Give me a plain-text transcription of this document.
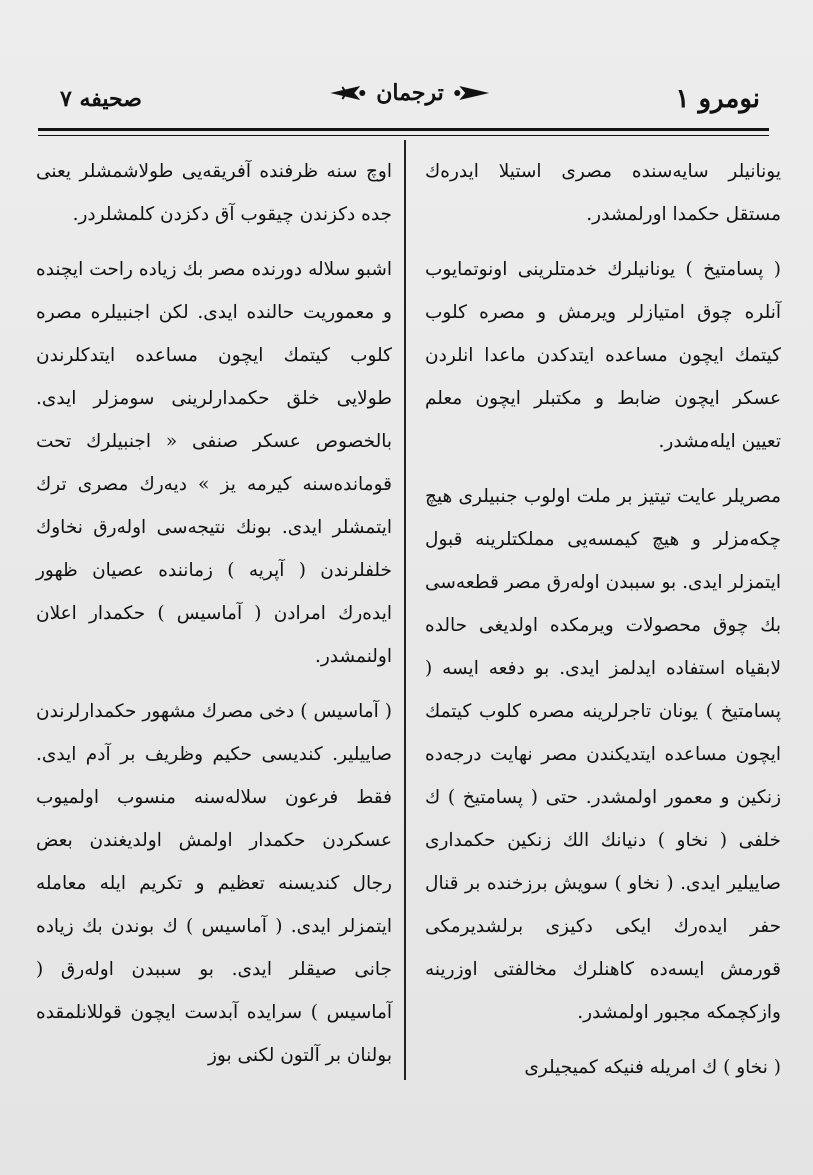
نومرو ۱
ترجمان
صحيفه ۷

يونانيلر سايه‌سنده مصرى استيلا ايدرەك مستقل حكمدا اورلمشدر.

( پسامتيخ ) يونانيلرك خدمتلرينى اونوتمايوب آنلره چوق امتيازلر ويرمش و مصره كلوب كيتمك ايچون مساعده ايتدكدن ماعدا انلردن عسكر ايچون ضابط و مكتبلر ايچون معلم تعيين ايلەمشدر.

مصريلر عايت تيتيز بر ملت اولوب جنبيلرى هيچ چكه‌مزلر و هيچ كيمسه‌يى مملكتلرينه قبول ايتمزلر ايدى. بو سببدن اوله‌رق مصر قطعه‌سى بك چوق محصولات ويرمكده اولديغى حالده لابقياه استفاده ايدلمز ايدى. بو دفعه ايسه ( پسامتيخ ) يونان تاجرلرينه مصره كلوب كيتمك ايچون مساعده ايتديكندن مصر نهايت درجه‌ده زنكين و معمور اولمشدر. حتى ( پسامتيخ ) ك خلفى ( نخاو ) دنيانك الك زنكين حكمدارى صاييلير ايدى. ( نخاو ) سويش برزخنده بر قنال حفر ايده‌رك ايكى دكيزى برلشديرمكى قورمش ايسه‌ده كاهنلرك مخالفتى اوزرينه وازكچمكه مجبور اولمشدر.

( نخاو ) ك امريله فنيكه كميجيلرى

اوچ سنه ظرفنده آفريقه‌يى طولاشمشلر يعنى جده دكزندن چيقوب آق دكزدن كلمشلردر.

اشبو سلاله دورنده مصر بك زياده راحت ايچنده و معموريت حالنده ايدى. لكن اجنبيلره مصره كلوب كيتمك ايچون مساعده ايتدكلرندن طولايى خلق حكمدارلرينى سومزلر ايدى. بالخصوص عسكر صنفى « اجنبيلرك تحت قوماندەسنه كيرمه يز » ديه‌رك مصرى ترك ايتمشلر ايدى. بونك نتيجه‌سى اوله‌رق نخاوك خلفلرندن ( آپريه ) زماننده عصيان ظهور ايده‌رك امرادن ( آماسيس ) حكمدار اعلان اولنمشدر.

( آماسيس ) دخى مصرك مشهور حكمدارلرندن صاييلير. كنديسى حكيم وظريف بر آدم ايدى. فقط فرعون سلاله‌سنه منسوب اولميوب عسكردن حكمدار اولمش اولديغندن بعض رجال كنديسنه تعظيم و تكريم ايله معامله ايتمزلر ايدى. ( آماسيس ) ك بوندن بك زياده جانى صيقلر ايدى. بو سببدن اوله‌رق ( آماسيس ) سرايده آبدست ايچون قوللانلمقده بولنان بر آلتون لكنى بوز
